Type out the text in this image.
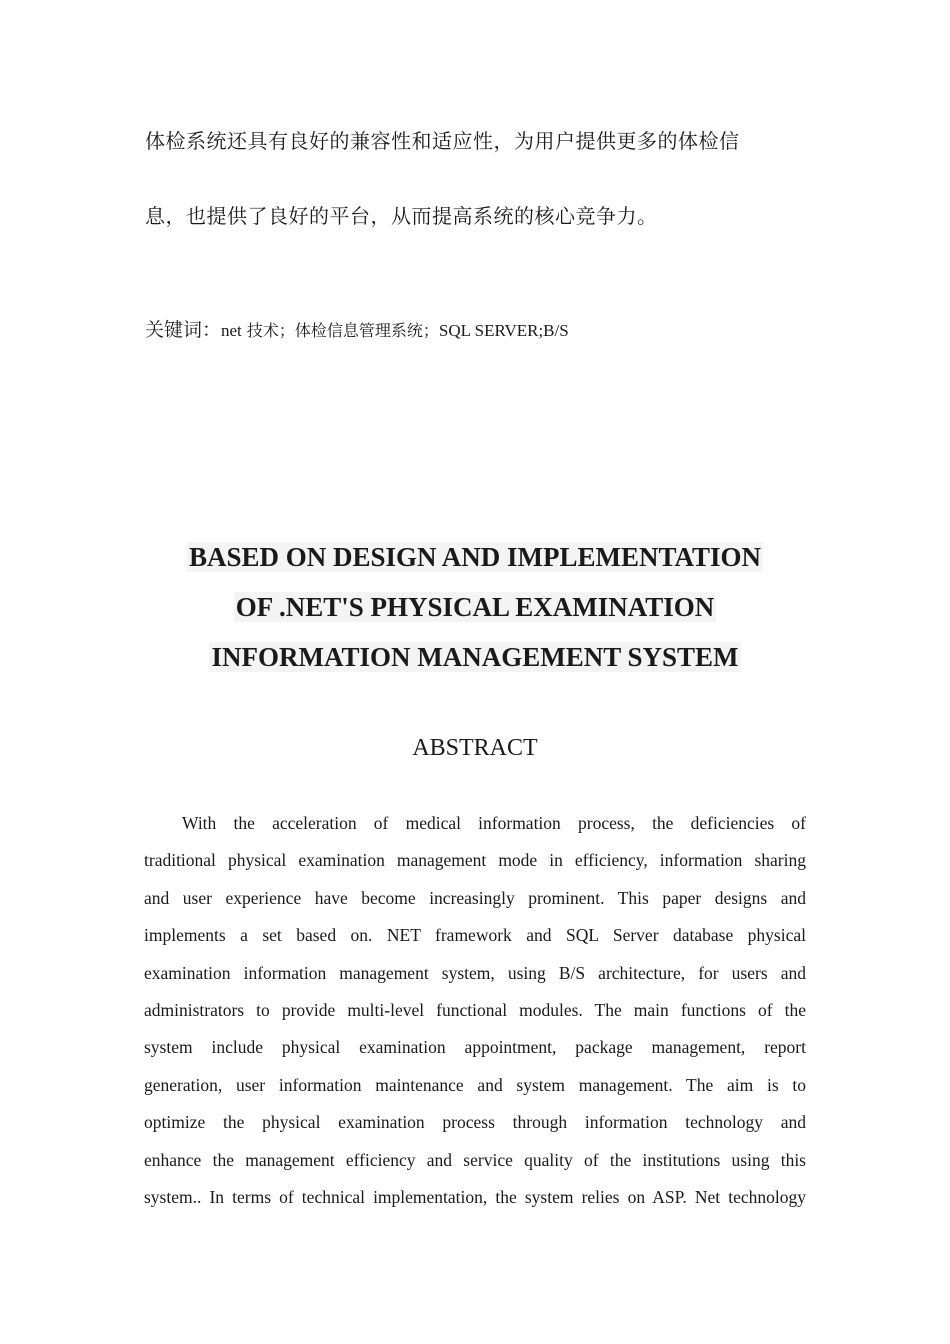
体检系统还具有良好的兼容性和适应性，为用户提供更多的体检信
息，也提供了良好的平台，从而提高系统的核心竞争力。
关键词：net 技术；体检信息管理系统；SQL SERVER;B/S
BASED ON DESIGN AND IMPLEMENTATION
OF .NET'S PHYSICAL EXAMINATION
INFORMATION MANAGEMENT SYSTEM
ABSTRACT
With the acceleration of medical information process, the deficiencies of
traditional physical examination management mode in efficiency, information sharing
and user experience have become increasingly prominent. This paper designs and
implements a set based on. NET framework and SQL Server database physical
examination information management system, using B/S architecture, for users and
administrators to provide multi-level functional modules. The main functions of the
system include physical examination appointment, package management, report
generation, user information maintenance and system management. The aim is to
optimize the physical examination process through information technology and
enhance the management efficiency and service quality of the institutions using this
system.. In terms of technical implementation, the system relies on ASP. Net technology
